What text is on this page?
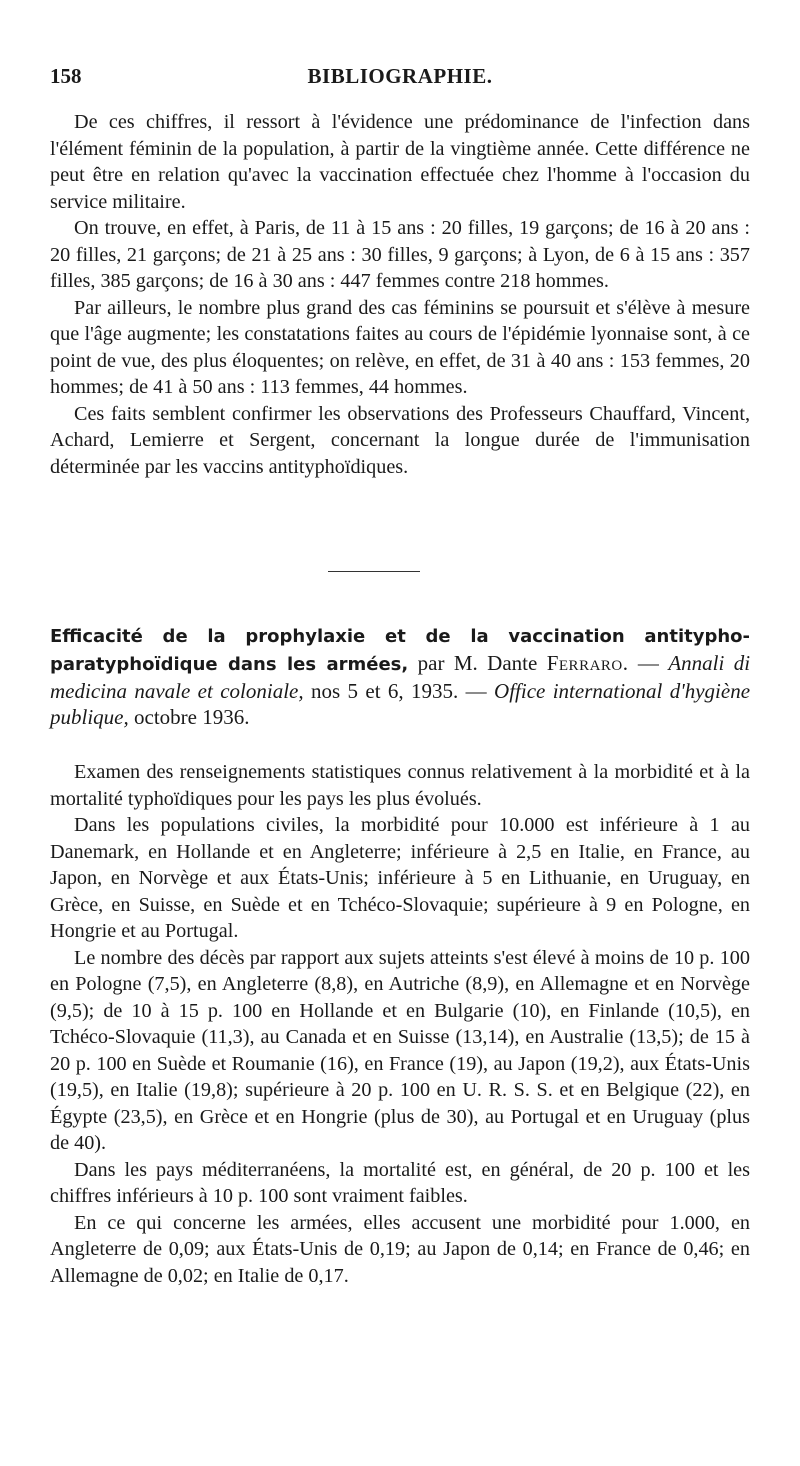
158	BIBLIOGRAPHIE.

De ces chiffres, il ressort à l'évidence une prédominance de l'infection dans l'élément féminin de la population, à partir de la vingtième année. Cette différence ne peut être en relation qu'avec la vaccination effectuée chez l'homme à l'occasion du service militaire.

On trouve, en effet, à Paris, de 11 à 15 ans : 20 filles, 19 garçons; de 16 à 20 ans : 20 filles, 21 garçons; de 21 à 25 ans : 30 filles, 9 garçons; à Lyon, de 6 à 15 ans : 357 filles, 385 garçons; de 16 à 30 ans : 447 femmes contre 218 hommes.

Par ailleurs, le nombre plus grand des cas féminins se poursuit et s'élève à mesure que l'âge augmente; les constatations faites au cours de l'épidémie lyonnaise sont, à ce point de vue, des plus éloquentes; on relève, en effet, de 31 à 40 ans : 153 femmes, 20 hommes; de 41 à 50 ans : 113 femmes, 44 hommes.

Ces faits semblent confirmer les observations des Professeurs Chauffard, Vincent, Achard, Lemierre et Sergent, concernant la longue durée de l'immunisation déterminée par les vaccins antityphoïdiques.

Efficacité de la prophylaxie et de la vaccination antitypho-paratyphoïdique dans les armées, par M. Dante Ferraro. — Annali di medicina navale et coloniale, nos 5 et 6, 1935. — Office international d'hygiène publique, octobre 1936.

Examen des renseignements statistiques connus relativement à la morbidité et à la mortalité typhoïdiques pour les pays les plus évolués.

Dans les populations civiles, la morbidité pour 10.000 est inférieure à 1 au Danemark, en Hollande et en Angleterre; inférieure à 2,5 en Italie, en France, au Japon, en Norvège et aux États-Unis; inférieure à 5 en Lithuanie, en Uruguay, en Grèce, en Suisse, en Suède et en Tchéco-Slovaquie; supérieure à 9 en Pologne, en Hongrie et au Portugal.

Le nombre des décès par rapport aux sujets atteints s'est élevé à moins de 10 p. 100 en Pologne (7,5), en Angleterre (8,8), en Autriche (8,9), en Allemagne et en Norvège (9,5); de 10 à 15 p. 100 en Hollande et en Bulgarie (10), en Finlande (10,5), en Tchéco-Slovaquie (11,3), au Canada et en Suisse (13,14), en Australie (13,5); de 15 à 20 p. 100 en Suède et Roumanie (16), en France (19), au Japon (19,2), aux États-Unis (19,5), en Italie (19,8); supérieure à 20 p. 100 en U. R. S. S. et en Belgique (22), en Égypte (23,5), en Grèce et en Hongrie (plus de 30), au Portugal et en Uruguay (plus de 40).

Dans les pays méditerranéens, la mortalité est, en général, de 20 p. 100 et les chiffres inférieurs à 10 p. 100 sont vraiment faibles.

En ce qui concerne les armées, elles accusent une morbidité pour 1.000, en Angleterre de 0,09; aux États-Unis de 0,19; au Japon de 0,14; en France de 0,46; en Allemagne de 0,02; en Italie de 0,17.
